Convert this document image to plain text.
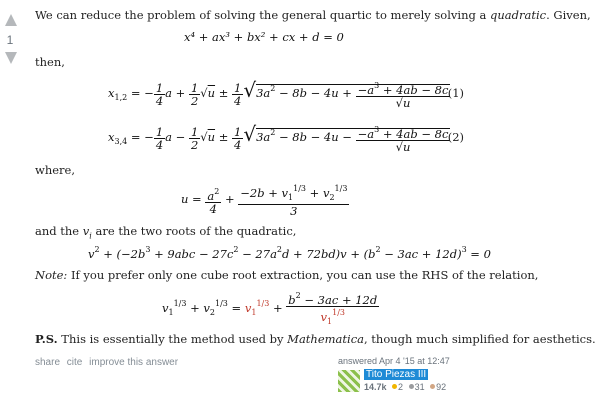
1
We can reduce the problem of solving the general quartic to merely solving a quadratic. Given,
x⁴ + ax³ + bx² + cx + d = 0
then,
$x_{1,2}$ = − $\frac{1}{4}$ $a + \frac{1}{2} √u \pm \frac{1}{4} √3a^2 - 8b - 4u + \frac{-a^3 + 4ab - 8c}{√u}$
(1)
$x_{3,4}$ = − $\frac{1}{4}$ $a - \frac{1}{2} √u \pm \frac{1}{4} √3a^2 - 8b - 4u - \frac{-a^3 + 4ab - 8c}{√u}$
(2)
where,
$u = \frac{a^2}{4} + \frac{-2b + v_1^{1/3} + v_2^{1/3}}{3}$
and the $v_i$ are the two roots of the quadratic,
$v^2 + (-2b^3 + 9abc - 27c^2 - 27a^2d + 72bd)v + (b^2 - 3ac + 12d)^3 = 0$
Note: If you prefer only one cube root extraction, you can use the RHS of the relation,
$v_1^{1/3} + v_2^{1/3} = v_1^{1/3} + \frac{b^2 - 3ac + 12d}{v_1^{1/3}}$
P.S. This is essentially the method used by Mathematica, though much simplified for aesthetics.
share cite improve this answer	answered Apr 4 '15 at 12:47
Tito Piezas III
14.7k 2 31 92
